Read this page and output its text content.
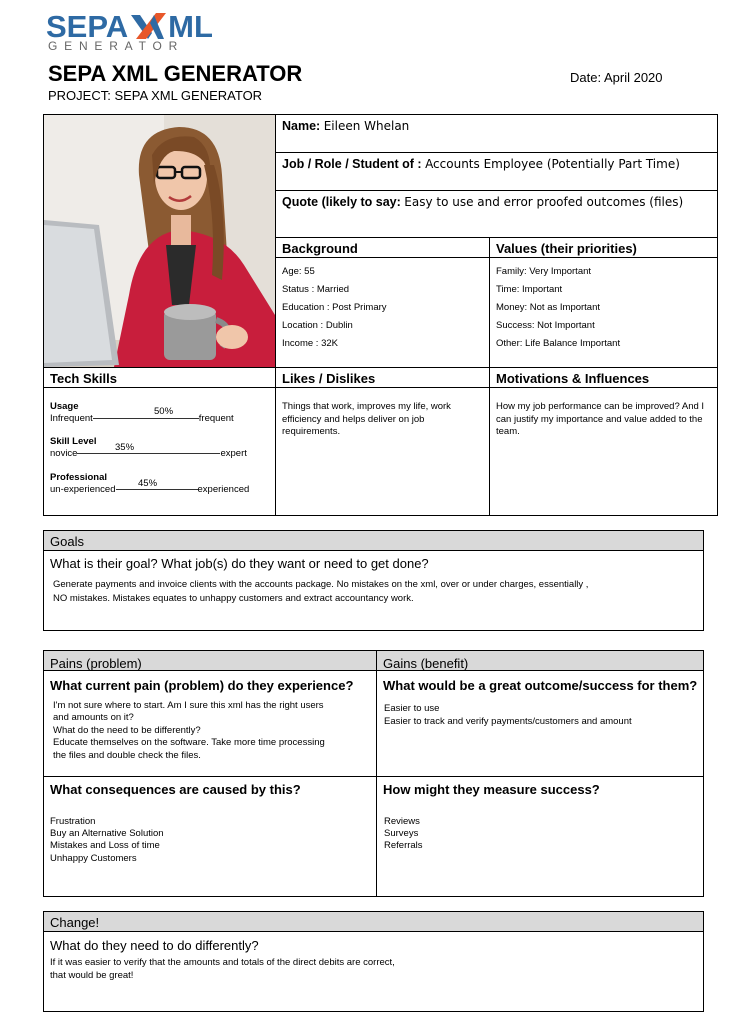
SEPA ML
GENERATOR
SEPA XML GENERATOR
PROJECT: SEPA XML GENERATOR
Date: April 2020
Name: Eileen Whelan
Job / Role / Student of : Accounts Employee (Potentially Part Time)
Quote (likely to say: Easy to use and error proofed outcomes (files)
Background
Age: 55
Status : Married
Education : Post Primary
Location : Dublin
Income : 32K
Values (their priorities)
Family: Very Important
Time: Important
Money: Not as Important
Success: Not Important
Other: Life Balance Important
Tech Skills
Usage	50%
Infrequent	frequent
Skill Level
35%
novice	expert
Professional
45%
un-experienced	experienced
Likes / Dislikes
Things that work, improves my life, work efficiency and helps deliver on job requirements.
Motivations & Influences
How my job performance can be improved? And I can justify my importance and value added to the team.
Goals
What is their goal? What job(s) do they want or need to get done?
Generate payments and invoice clients with the accounts package. No mistakes on the xml, over or under charges, essentially ,
NO mistakes. Mistakes equates to unhappy customers and extract accountancy work.
Pains (problem)
What current pain (problem) do they experience?
I'm not sure where to start. Am I sure this xml has the right users
and amounts on it?
What do the need to be differently?
Educate themselves on the software. Take more time processing
the files and double check the files.
What consequences are caused by this?
Frustration
Buy an Alternative Solution
Mistakes and Loss of time
Unhappy Customers
Gains (benefit)
What would be a great outcome/success for them?
Easier to use
Easier to track and verify payments/customers and amount
How might they measure success?
Reviews
Surveys
Referrals
Change!
What do they need to do differently?
If it was easier to verify that the amounts and totals of the direct debits are correct,
that would be great!
